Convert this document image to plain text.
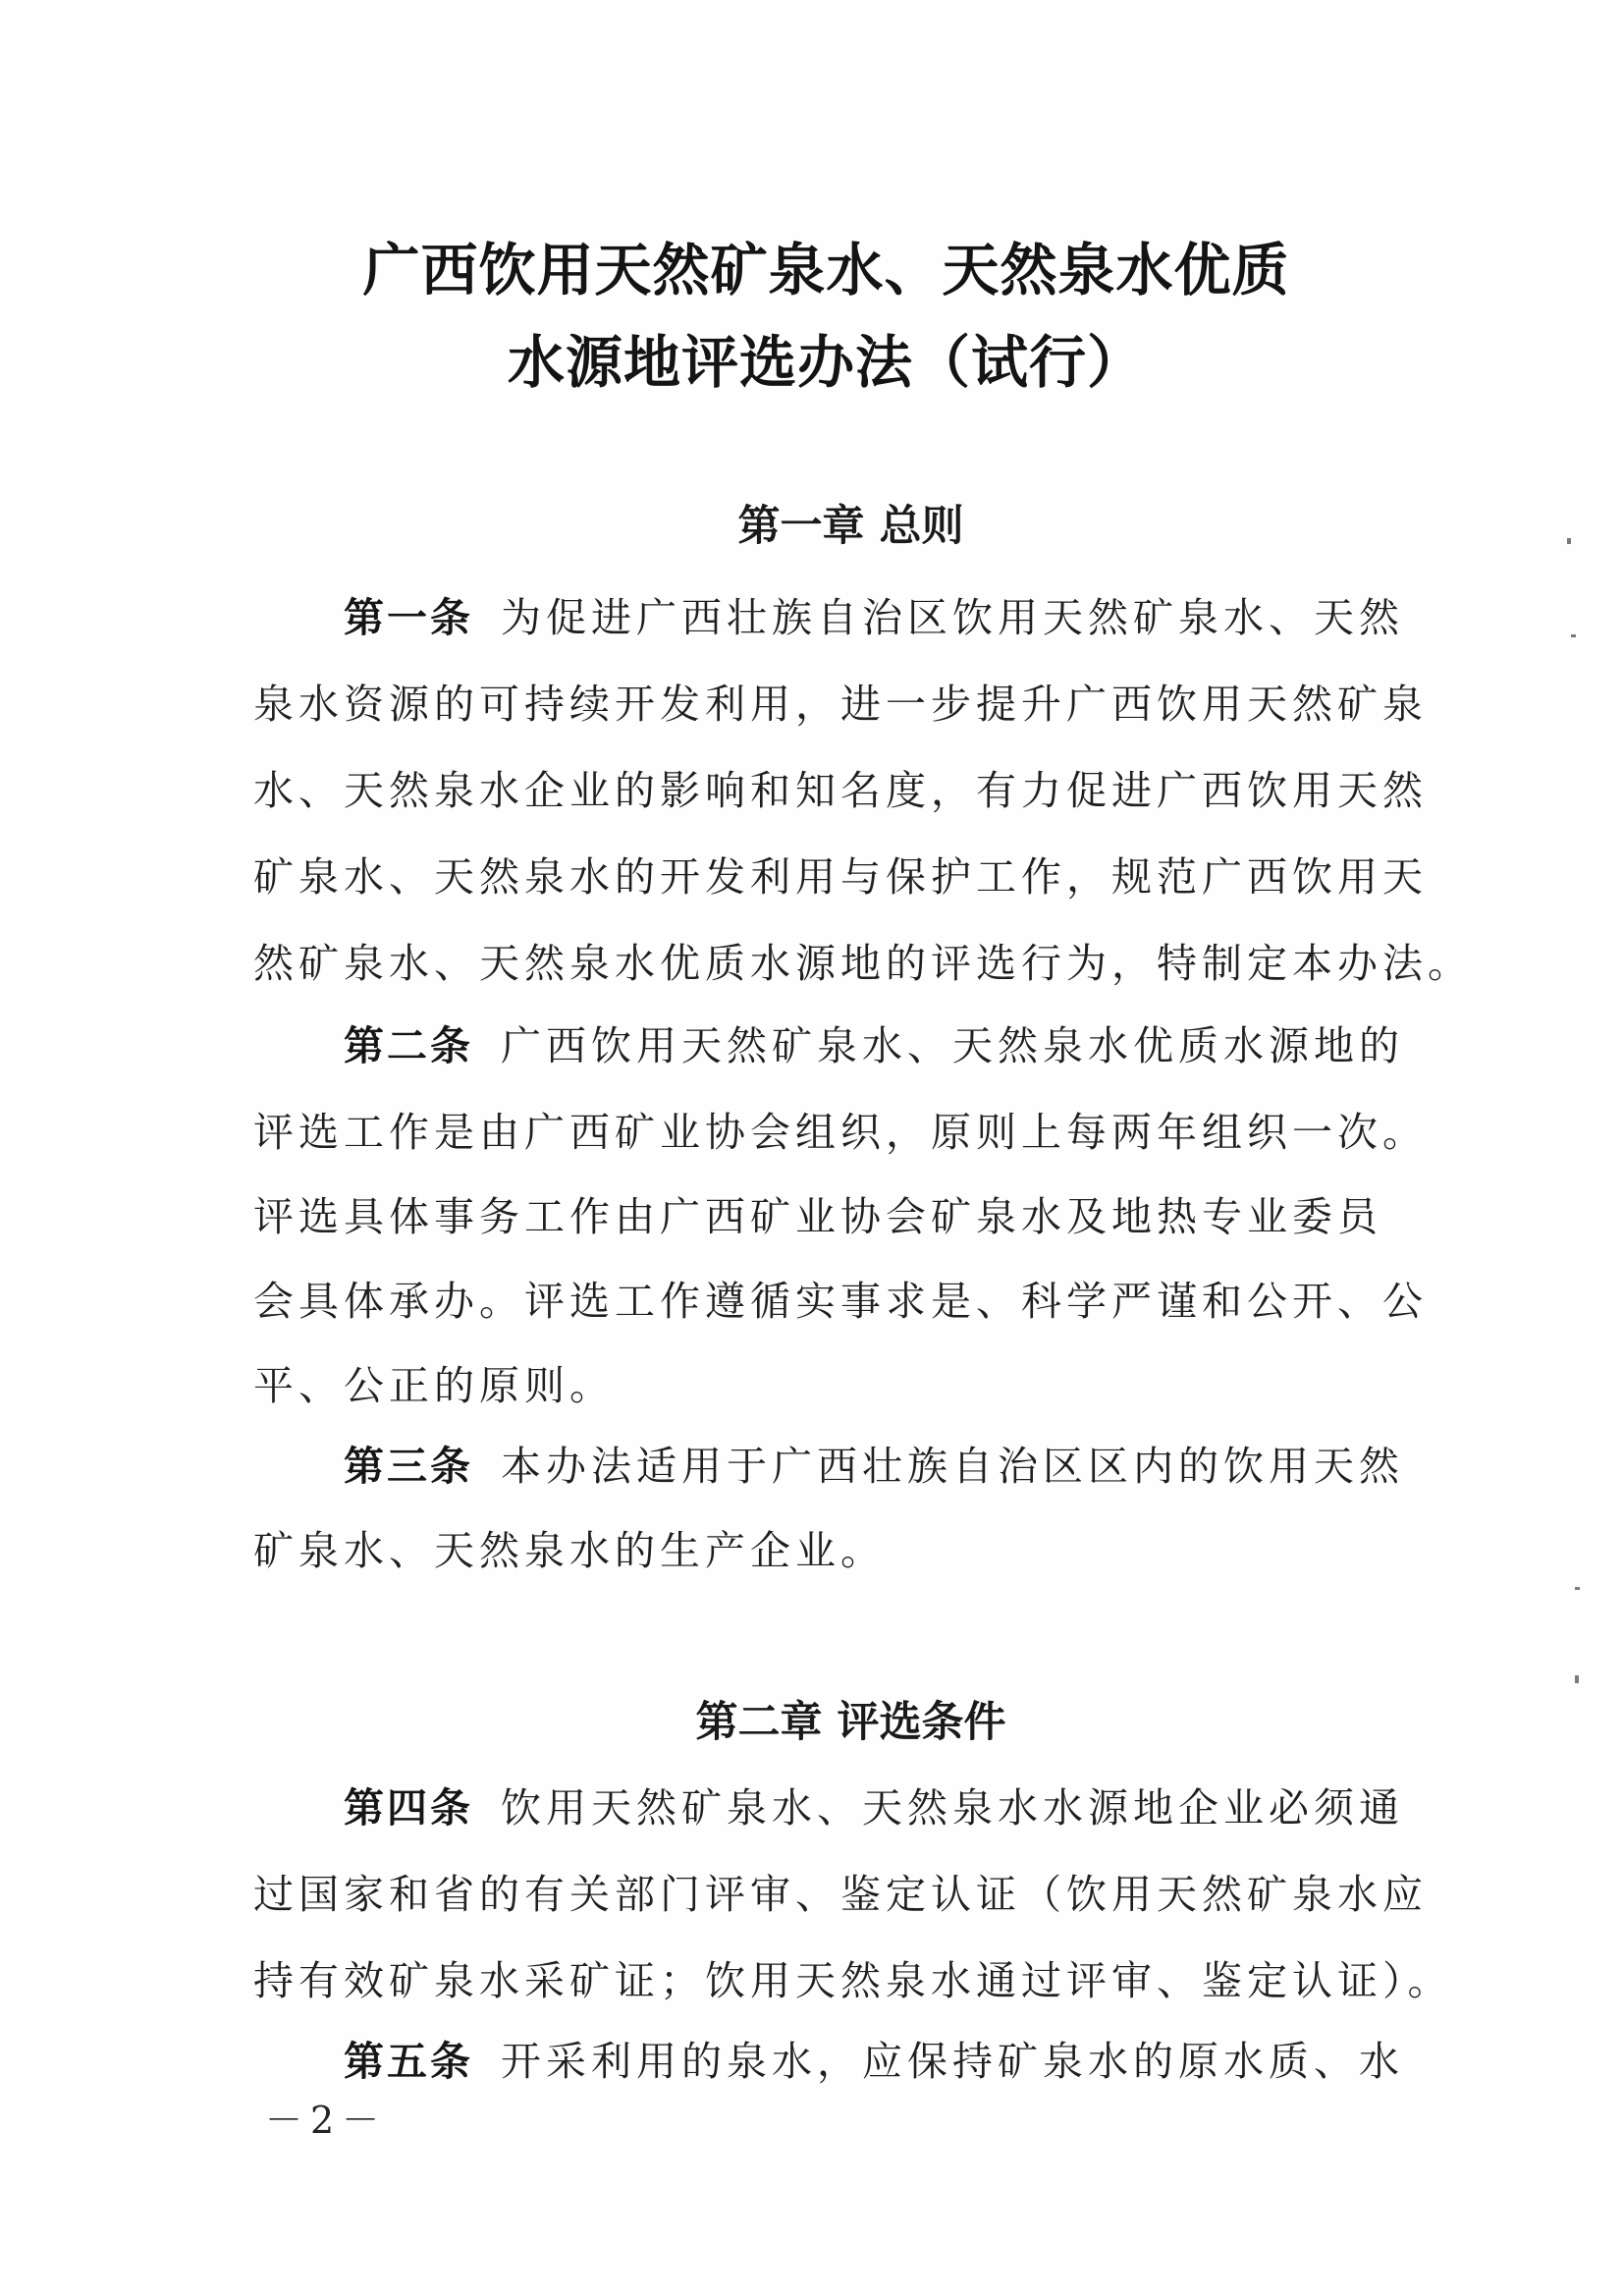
广西饮用天然矿泉水、天然泉水优质
水源地评选办法（试行）
第一章 总则
第一条 为促进广西壮族自治区饮用天然矿泉水、天然
泉水资源的可持续开发利用，进一步提升广西饮用天然矿泉
水、天然泉水企业的影响和知名度，有力促进广西饮用天然
矿泉水、天然泉水的开发利用与保护工作，规范广西饮用天
然矿泉水、天然泉水优质水源地的评选行为，特制定本办法。
第二条 广西饮用天然矿泉水、天然泉水优质水源地的
评选工作是由广西矿业协会组织，原则上每两年组织一次。
评选具体事务工作由广西矿业协会矿泉水及地热专业委员
会具体承办。评选工作遵循实事求是、科学严谨和公开、公
平、公正的原则。
第三条 本办法适用于广西壮族自治区区内的饮用天然
矿泉水、天然泉水的生产企业。
第二章 评选条件
第四条 饮用天然矿泉水、天然泉水水源地企业必须通
过国家和省的有关部门评审、鉴定认证（饮用天然矿泉水应
持有效矿泉水采矿证；饮用天然泉水通过评审、鉴定认证）。
第五条 开采利用的泉水，应保持矿泉水的原水质、水
－2－
